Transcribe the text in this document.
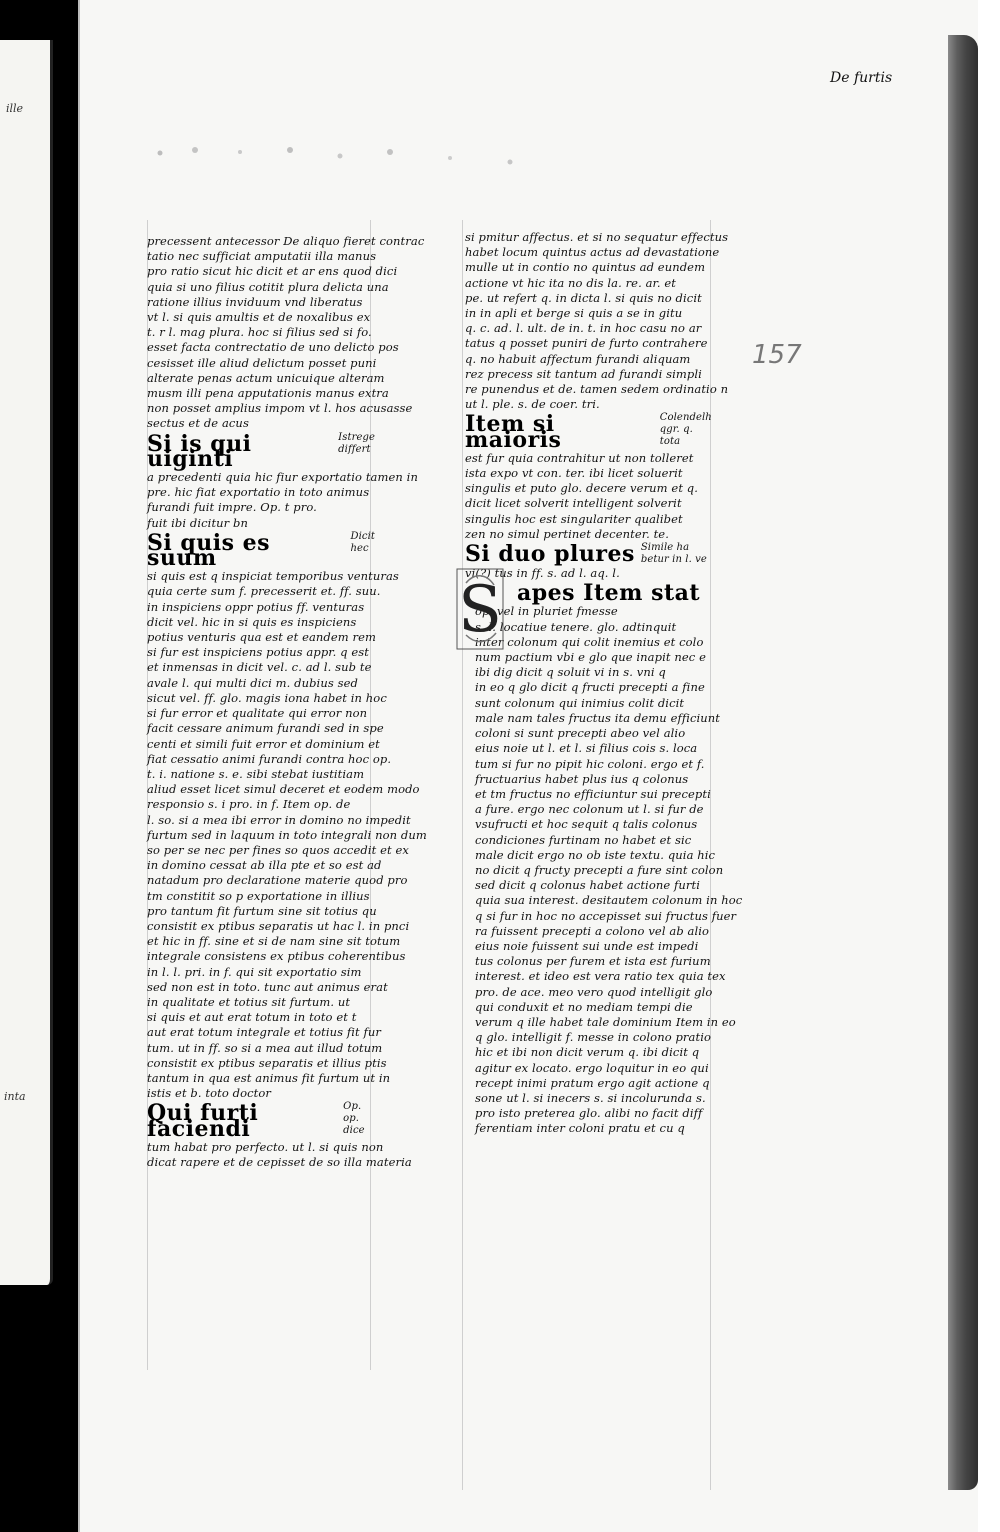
ille
inta
De furtis
157

precessent antecessor De aliquo fieret contrac

tatio nec sufficiat amputatii illa manus

pro ratio sicut hic dicit et ar ens quod dici

quia si uno filius cotitit plura delicta una

ratione illius inviduum vnd liberatus

vt l. si quis amultis et de noxalibus ex

t. r l. mag plura. hoc si filius sed si fo.

esset facta contrectatio de uno delicto pos

cesisset ille aliud delictum posset puni

alterate penas actum unicuique alteram

musm illi pena apputationis manus extra

non posset amplius impom vt l. hos acusasse

sectus et de acus

Si is qui uiginti
Istrege
differt

a precedenti quia hic fiur exportatio tamen in

pre. hic fiat exportatio in toto animus

furandi fuit impre. Op. t pro.

fuit ibi dicitur bn

Si quis es suum
Dicit
hec

si quis est q inspiciat temporibus venturas

quia certe sum f. precesserit et. ff. suu.

in inspiciens oppr potius ff. venturas

dicit vel. hic in si quis es inspiciens

potius venturis qua est et eandem rem

si fur est inspiciens potius appr. q est

et inmensas in dicit vel. c. ad l. sub te

avale l. qui multi dici m. dubius sed

sicut vel. ff. glo. magis iona habet in hoc

si fur error et qualitate qui error non

facit cessare animum furandi sed in spe

centi et simili fuit error et dominium et

fiat cessatio animi furandi contra hoc op.

t. i. natione s. e. sibi stebat iustitiam

aliud esset licet simul deceret et eodem modo

responsio s. i pro. in f. Item op. de

l. so. si a mea ibi error in domino no impedit

furtum sed in laquum in toto integrali non dum

so per se nec per fines so quos accedit et ex

in domino cessat ab illa pte et so est ad

natadum pro declaratione materie quod pro

tm constitit so p exportatione in illius

pro tantum fit furtum sine sit totius qu

consistit ex ptibus separatis ut hac l. in pnci

et hic in ff. sine et si de nam sine sit totum

integrale consistens ex ptibus coherentibus

in l. l. pri. in f. qui sit exportatio sim

sed non est in toto. tunc aut animus erat

in qualitate et totius sit furtum. ut

si quis et aut erat totum in toto et t

aut erat totum integrale et totius fit fur

tum. ut in ff. so si a mea aut illud totum

consistit ex ptibus separatis et illius ptis

tantum in qua est animus fit furtum ut in

istis et b. toto doctor

Qui furti faciendi
Op. op.
dice

tum habat pro perfecto. ut l. si quis non

dicat rapere et de cepisset de so illa materia

si pmitur affectus. et si no sequatur effectus

habet locum quintus actus ad devastatione

mulle ut in contio no quintus ad eundem

actione vt hic ita no dis la. re. ar. et

pe. ut refert q. in dicta l. si quis no dicit

in in apli et berge si quis a se in gitu

q. c. ad. l. ult. de in. t. in hoc casu no ar

tatus q posset puniri de furto contrahere

q. no habuit affectum furandi aliquam

rez precess sit tantum ad furandi simpli

re punendus et de. tamen sedem ordinatio n

ut l. ple. s. de coer. tri.

Item si maioris
Colendelh
qgr. q. tota

est fur quia contrahitur ut non tolleret

ista expo vt con. ter. ibi licet soluerit

singulis et puto glo. decere verum et q.

dicit licet solverit intelligent solverit

singulis hoc est singulariter qualibet

zen no simul pertinet decenter. te.

Si duo plures Simile ha
betur in l. ve

vi(?) tus in ff. s. ad l. aq. l.

apes Item stat

op. vel in pluriet fmesse

s. l. locatiue tenere. glo. adtinquit

inter colonum qui colit inemius et colo

num pactium vbi e glo que inapit nec e

ibi dig dicit q soluit vi in s. vni q

in eo q glo dicit q fructi precepti a fine

sunt colonum qui inimius colit dicit

male nam tales fructus ita demu efficiunt

coloni si sunt precepti abeo vel alio

eius noie ut l. et l. si filius cois s. loca

tum si fur no pipit hic coloni. ergo et f.

fructuarius habet plus ius q colonus

et tm fructus no efficiuntur sui precepti

a fure. ergo nec colonum ut l. si fur de

vsufructi et hoc sequit q talis colonus

condiciones furtinam no habet et sic

male dicit ergo no ob iste textu. quia hic

no dicit q fructy precepti a fure sint colon

sed dicit q colonus habet actione furti

quia sua interest. desitautem colonum in hoc

q si fur in hoc no accepisset sui fructus fuer

ra fuissent precepti a colono vel ab alio

eius noie fuissent sui unde est impedi

tus colonus per furem et ista est furium

interest. et ideo est vera ratio tex quia tex

pro. de ace. meo vero quod intelligit glo

qui conduxit et no mediam tempi die

verum q ille habet tale dominium Item in eo

q glo. intelligit f. messe in colono pratio

hic et ibi non dicit verum q. ibi dicit q

agitur ex locato. ergo loquitur in eo qui

recept inimi pratum ergo agit actione q

sone ut l. si inecers s. si incolurunda s.

pro isto preterea glo. alibi no facit diff

ferentiam inter coloni pratu et cu q

S
